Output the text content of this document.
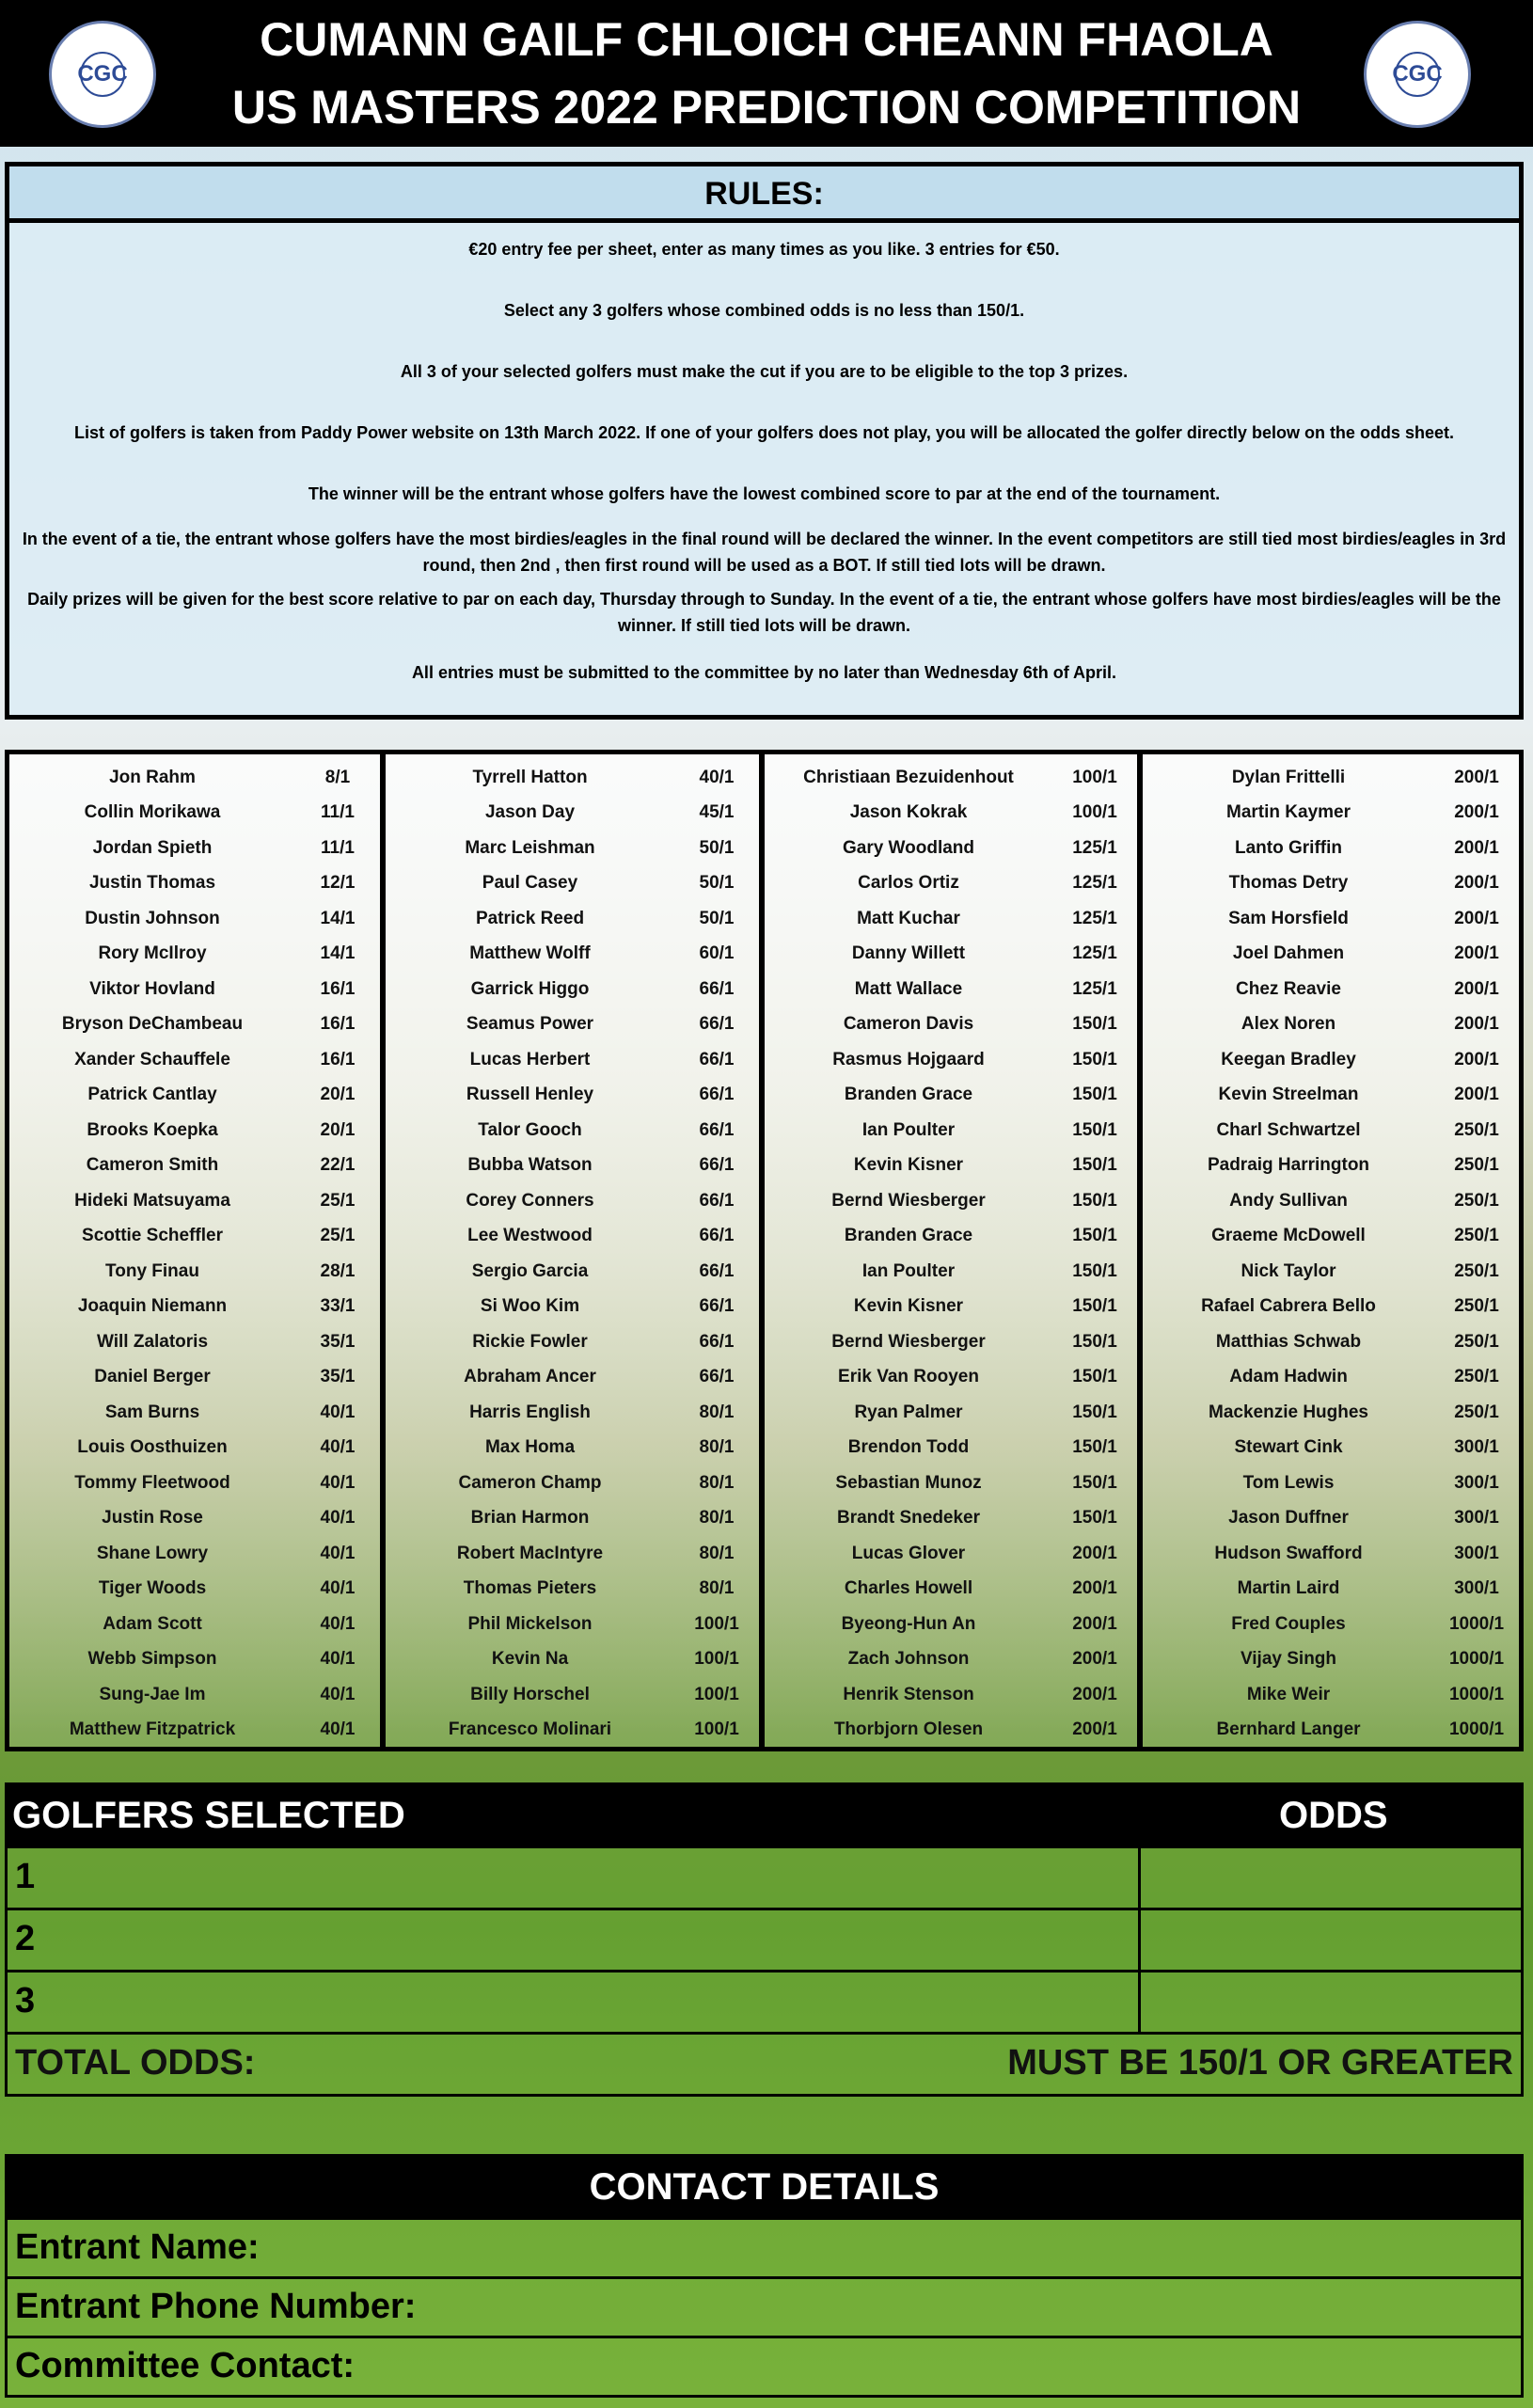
CGC
CUMANN GAILF CHLOICH CHEANN FHAOLA
US MASTERS 2022 PREDICTION COMPETITION
CGC
RULES:

€20 entry fee per sheet, enter as many times as you like. 3 entries for €50.

Select any 3 golfers whose combined odds is no less than 150/1.

All 3 of your selected golfers must make the cut if you are to be eligible to the top 3 prizes.

List of golfers is taken from Paddy Power website on 13th March 2022. If one of your golfers does not play, you will be allocated the golfer directly below on the odds sheet.

The winner will be the entrant whose golfers have the lowest combined score to par at the end of the tournament.

In the event of a tie, the entrant whose golfers have the most birdies/eagles in the final round will be declared the winner. In the event competitors are still tied most birdies/eagles in 3rd round, then 2nd , then first round will be used as a BOT. If still tied lots will be drawn.

Daily prizes will be given for the best score relative to par on each day, Thursday through to Sunday. In the event of a tie, the entrant whose golfers have most birdies/eagles will be the winner. If still tied lots will be drawn.

All entries must be submitted to the committee by no later than Wednesday 6th of April.

Jon Rahm	8/1
Collin Morikawa	11/1
Jordan Spieth	11/1
Justin Thomas	12/1
Dustin Johnson	14/1
Rory McIlroy	14/1
Viktor Hovland	16/1
Bryson DeChambeau	16/1
Xander Schauffele	16/1
Patrick Cantlay	20/1
Brooks Koepka	20/1
Cameron Smith	22/1
Hideki Matsuyama	25/1
Scottie Scheffler	25/1
Tony Finau	28/1
Joaquin Niemann	33/1
Will Zalatoris	35/1
Daniel Berger	35/1
Sam Burns	40/1
Louis Oosthuizen	40/1
Tommy Fleetwood	40/1
Justin Rose	40/1
Shane Lowry	40/1
Tiger Woods	40/1
Adam Scott	40/1
Webb Simpson	40/1
Sung-Jae Im	40/1
Matthew Fitzpatrick	40/1
Tyrrell Hatton	40/1
Jason Day	45/1
Marc Leishman	50/1
Paul Casey	50/1
Patrick Reed	50/1
Matthew Wolff	60/1
Garrick Higgo	66/1
Seamus Power	66/1
Lucas Herbert	66/1
Russell Henley	66/1
Talor Gooch	66/1
Bubba Watson	66/1
Corey Conners	66/1
Lee Westwood	66/1
Sergio Garcia	66/1
Si Woo Kim	66/1
Rickie Fowler	66/1
Abraham Ancer	66/1
Harris English	80/1
Max Homa	80/1
Cameron Champ	80/1
Brian Harmon	80/1
Robert MacIntyre	80/1
Thomas Pieters	80/1
Phil Mickelson	100/1
Kevin Na	100/1
Billy Horschel	100/1
Francesco Molinari	100/1
Christiaan Bezuidenhout	100/1
Jason Kokrak	100/1
Gary Woodland	125/1
Carlos Ortiz	125/1
Matt Kuchar	125/1
Danny Willett	125/1
Matt Wallace	125/1
Cameron Davis	150/1
Rasmus Hojgaard	150/1
Branden Grace	150/1
Ian Poulter	150/1
Kevin Kisner	150/1
Bernd Wiesberger	150/1
Branden Grace	150/1
Ian Poulter	150/1
Kevin Kisner	150/1
Bernd Wiesberger	150/1
Erik Van Rooyen	150/1
Ryan Palmer	150/1
Brendon Todd	150/1
Sebastian Munoz	150/1
Brandt Snedeker	150/1
Lucas Glover	200/1
Charles Howell	200/1
Byeong-Hun An	200/1
Zach Johnson	200/1
Henrik Stenson	200/1
Thorbjorn Olesen	200/1
Dylan Frittelli	200/1
Martin Kaymer	200/1
Lanto Griffin	200/1
Thomas Detry	200/1
Sam Horsfield	200/1
Joel Dahmen	200/1
Chez Reavie	200/1
Alex Noren	200/1
Keegan Bradley	200/1
Kevin Streelman	200/1
Charl Schwartzel	250/1
Padraig Harrington	250/1
Andy Sullivan	250/1
Graeme McDowell	250/1
Nick Taylor	250/1
Rafael Cabrera Bello	250/1
Matthias Schwab	250/1
Adam Hadwin	250/1
Mackenzie Hughes	250/1
Stewart Cink	300/1
Tom Lewis	300/1
Jason Duffner	300/1
Hudson Swafford	300/1
Martin Laird	300/1
Fred Couples	1000/1
Vijay Singh	1000/1
Mike Weir	1000/1
Bernhard Langer	1000/1
GOLFERS SELECTED	ODDS
1
2
3
TOTAL ODDS:	MUST BE 150/1 OR GREATER
CONTACT DETAILS
Entrant Name:
Entrant Phone Number:
Committee Contact:
